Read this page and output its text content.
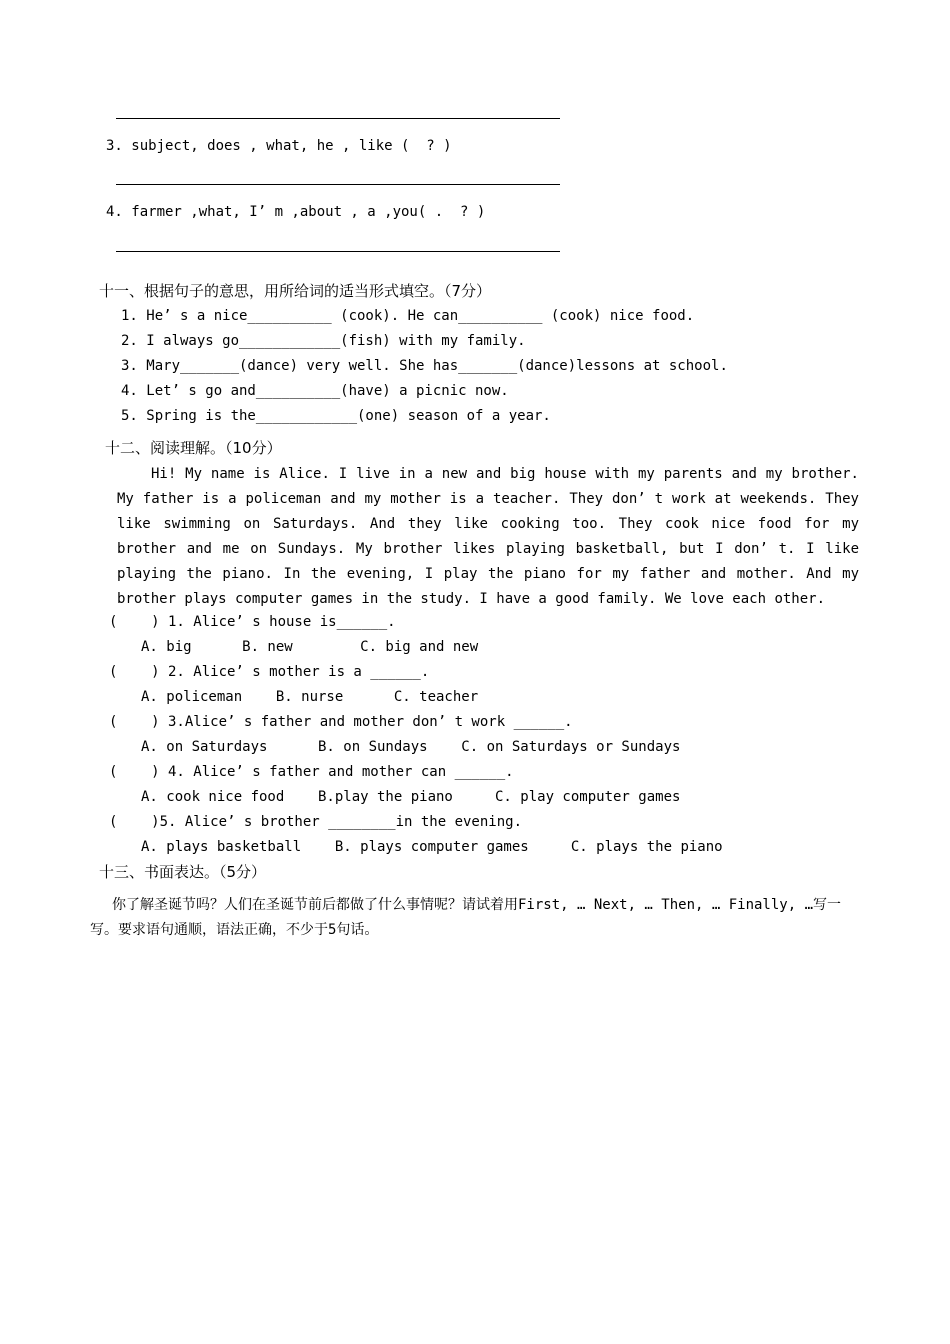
3. subject, does , what, he , like (  ? )
4. farmer ,what, I’ m ,about , a ,you( .  ? )
十一、根据句子的意思，用所给词的适当形式填空。（7分）
1. He’ s a nice__________ (cook). He can__________ (cook) nice food.
2. I always go____________(fish) with my family.
3. Mary_______(dance) very well. She has_______(dance)lessons at school.
4. Let’ s go and__________(have) a picnic now.
5. Spring is the____________(one) season of a year.
十二、阅读理解。（10分）
Hi! My name is Alice. I live in a new and big house with my parents and my brother. My father is a policeman and my mother is a teacher. They don’ t work at weekends. They like swimming on Saturdays. And they like cooking too. They cook nice food for my brother and me on Sundays. My brother likes playing basketball, but I don’ t. I like playing the piano. In the evening, I play the piano for my father and mother. And my brother plays computer games in the study. I have a good family. We love each other.
(    ) 1. Alice’ s house is______.
A. big      B. new        C. big and new
(    ) 2. Alice’ s mother is a ______.
A. policeman    B. nurse      C. teacher
(    ) 3.Alice’ s father and mother don’ t work ______.
A. on Saturdays      B. on Sundays    C. on Saturdays or Sundays
(    ) 4. Alice’ s father and mother can ______.
A. cook nice food    B.play the piano     C. play computer games
(    )5. Alice’ s brother ________in the evening.
A. plays basketball    B. plays computer games     C. plays the piano
十三、书面表达。（5分）
你了解圣诞节吗？人们在圣诞节前后都做了什么事情呢？请试着用First, … Next, … Then, … Finally, …写一写。要求语句通顺，语法正确，不少于5句话。
